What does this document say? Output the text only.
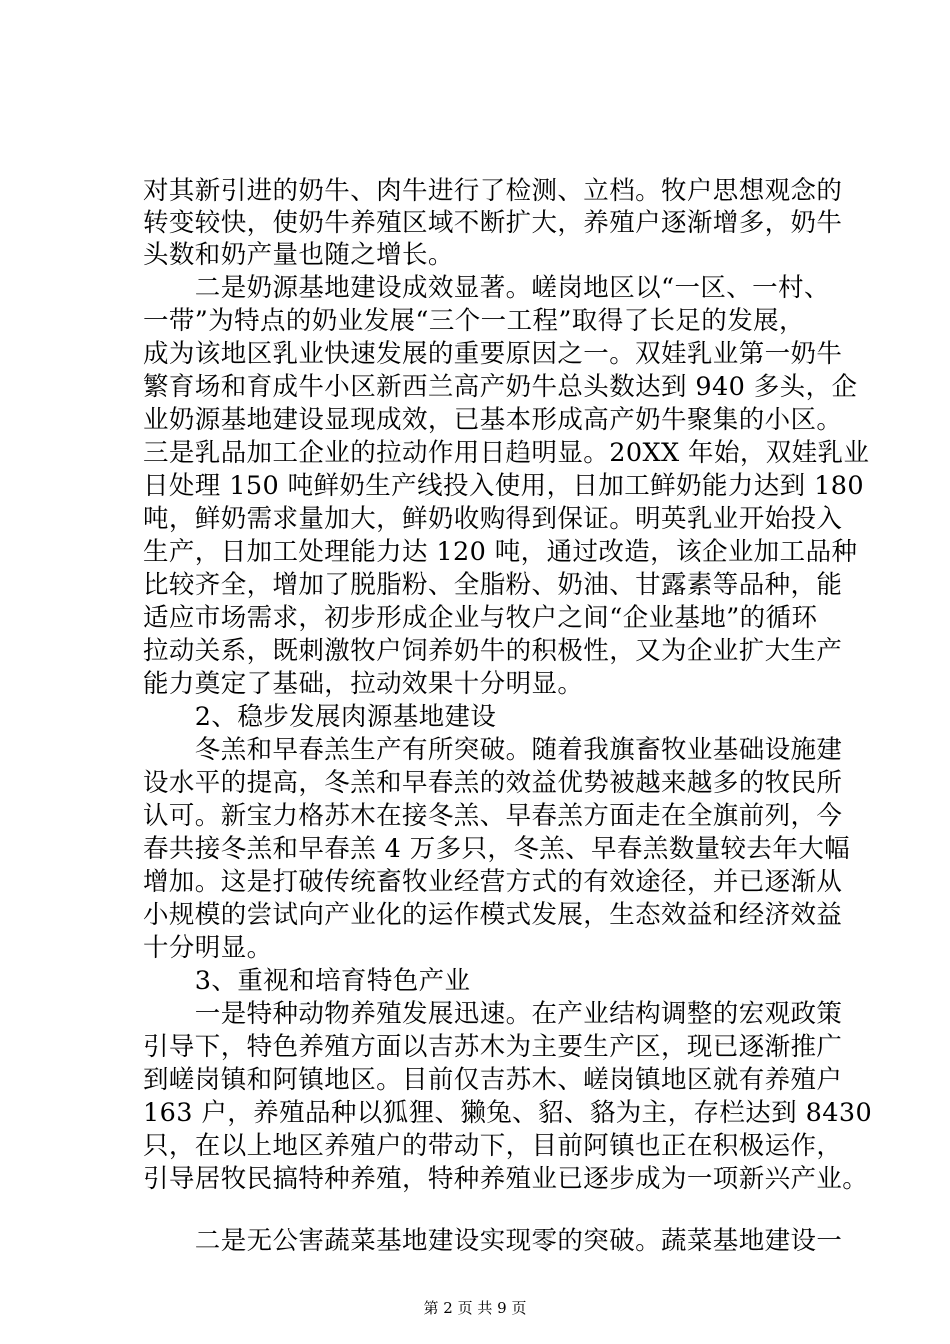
对其新引进的奶牛、肉牛进行了检测、立档。牧户思想观念的
转变较快，使奶牛养殖区域不断扩大，养殖户逐渐增多，奶牛
头数和奶产量也随之增长。
　　二是奶源基地建设成效显著。嵯岗地区以“一区、一村、
一带”为特点的奶业发展“三个一工程”取得了长足的发展，
成为该地区乳业快速发展的重要原因之一。双娃乳业第一奶牛
繁育场和育成牛小区新西兰高产奶牛总头数达到 940 多头，企
业奶源基地建设显现成效，已基本形成高产奶牛聚集的小区。
三是乳品加工企业的拉动作用日趋明显。20XX 年始，双娃乳业
日处理 150 吨鲜奶生产线投入使用，日加工鲜奶能力达到 180
吨，鲜奶需求量加大，鲜奶收购得到保证。明英乳业开始投入
生产，日加工处理能力达 120 吨，通过改造，该企业加工品种
比较齐全，增加了脱脂粉、全脂粉、奶油、甘露素等品种，能
适应市场需求，初步形成企业与牧户之间“企业基地”的循环
拉动关系，既刺激牧户饲养奶牛的积极性，又为企业扩大生产
能力奠定了基础，拉动效果十分明显。
　　2、稳步发展肉源基地建设
　　冬羔和早春羔生产有所突破。随着我旗畜牧业基础设施建
设水平的提高，冬羔和早春羔的效益优势被越来越多的牧民所
认可。新宝力格苏木在接冬羔、早春羔方面走在全旗前列，今
春共接冬羔和早春羔 4 万多只，冬羔、早春羔数量较去年大幅
增加。这是打破传统畜牧业经营方式的有效途径，并已逐渐从
小规模的尝试向产业化的运作模式发展，生态效益和经济效益
十分明显。
　　3、重视和培育特色产业
　　一是特种动物养殖发展迅速。在产业结构调整的宏观政策
引导下，特色养殖方面以吉苏木为主要生产区，现已逐渐推广
到嵯岗镇和阿镇地区。目前仅吉苏木、嵯岗镇地区就有养殖户
163 户，养殖品种以狐狸、獭兔、貂、貉为主，存栏达到 8430
只，在以上地区养殖户的带动下，目前阿镇也正在积极运作，
引导居牧民搞特种养殖，特种养殖业已逐步成为一项新兴产业。
　　二是无公害蔬菜基地建设实现零的突破。蔬菜基地建设一
第 2 页 共 9 页
